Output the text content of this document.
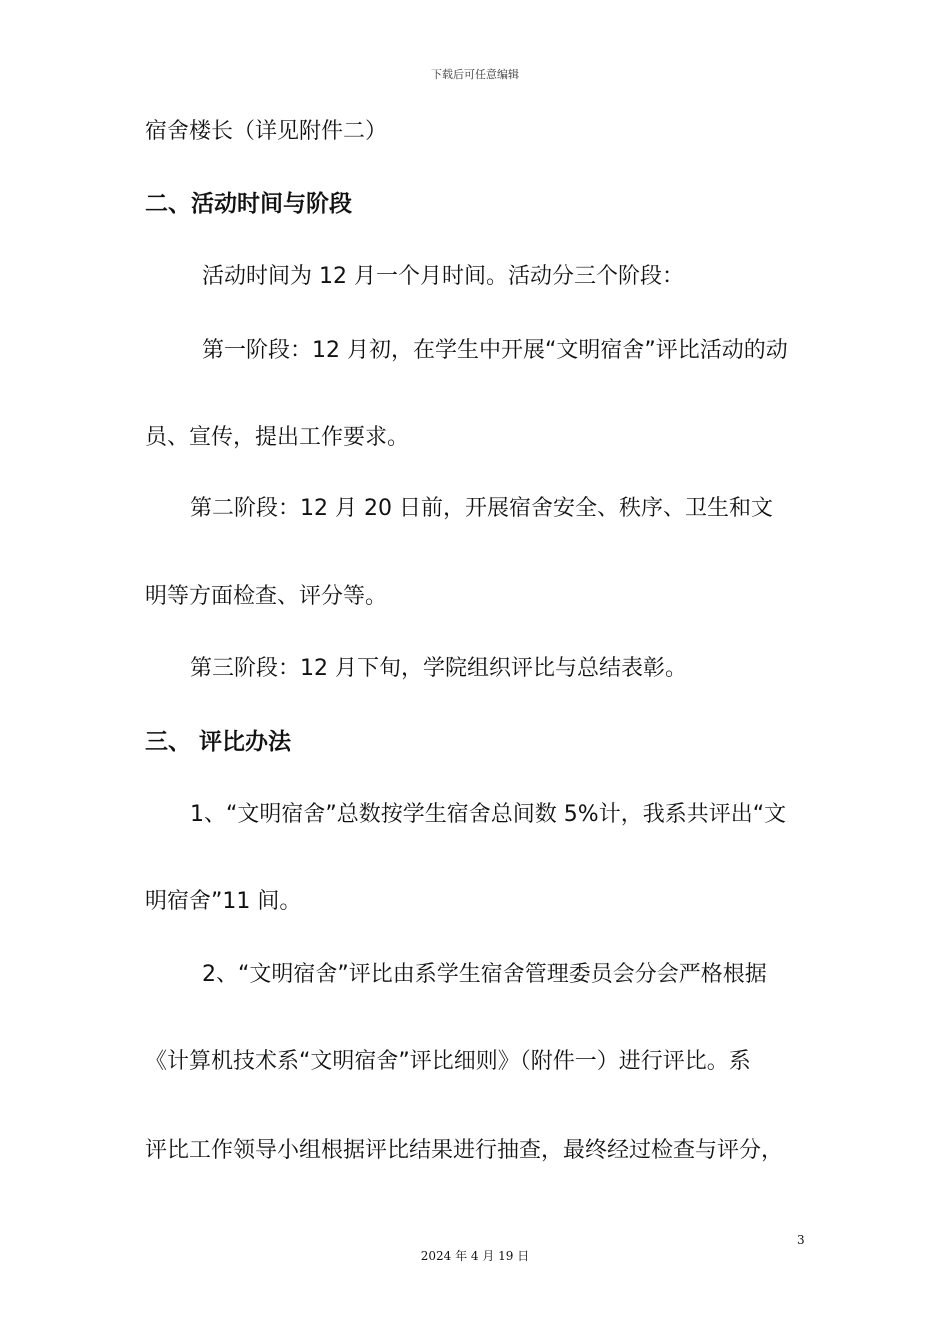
下载后可任意编辑
宿舍楼长（详见附件二）
二、活动时间与阶段
活动时间为 12 月一个月时间。活动分三个阶段：
第一阶段：12 月初，在学生中开展“文明宿舍”评比活动的动
员、宣传，提出工作要求。
第二阶段：12 月 20 日前，开展宿舍安全、秩序、卫生和文
明等方面检查、评分等。
第三阶段：12 月下旬，学院组织评比与总结表彰。
三、 评比办法
1、“文明宿舍”总数按学生宿舍总间数 5%计，我系共评出“文
明宿舍”11 间。
2、“文明宿舍”评比由系学生宿舍管理委员会分会严格根据
《计算机技术系“文明宿舍”评比细则》（附件一）进行评比。系
评比工作领导小组根据评比结果进行抽查，最终经过检查与评分，
3
2024 年 4 月 19 日
